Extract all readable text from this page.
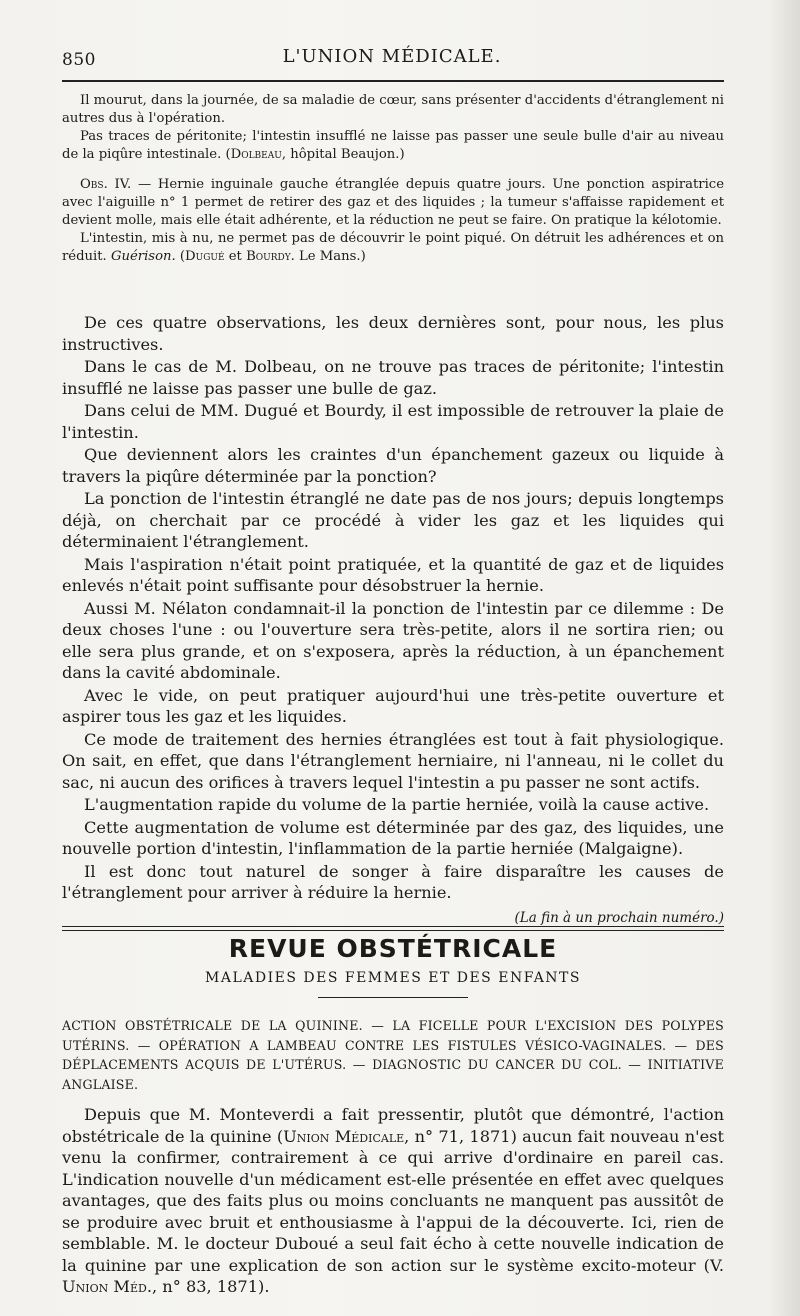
850	L'UNION MÉDICALE.

Il mourut, dans la journée, de sa maladie de cœur, sans présenter d'accidents d'étranglement ni autres dus à l'opération.

Pas traces de péritonite; l'intestin insufflé ne laisse pas passer une seule bulle d'air au niveau de la piqûre intestinale. (Dolbeau, hôpital Beaujon.)

Obs. IV. — Hernie inguinale gauche étranglée depuis quatre jours. Une ponction aspiratrice avec l'aiguille n° 1 permet de retirer des gaz et des liquides ; la tumeur s'affaisse rapidement et devient molle, mais elle était adhérente, et la réduction ne peut se faire. On pratique la kélotomie.

L'intestin, mis à nu, ne permet pas de découvrir le point piqué. On détruit les adhérences et on réduit. Guérison. (Dugué et Bourdy. Le Mans.)

De ces quatre observations, les deux dernières sont, pour nous, les plus instructives.

Dans le cas de M. Dolbeau, on ne trouve pas traces de péritonite; l'intestin insufflé ne laisse pas passer une bulle de gaz.

Dans celui de MM. Dugué et Bourdy, il est impossible de retrouver la plaie de l'intestin.

Que deviennent alors les craintes d'un épanchement gazeux ou liquide à travers la piqûre déterminée par la ponction?

La ponction de l'intestin étranglé ne date pas de nos jours; depuis longtemps déjà, on cherchait par ce procédé à vider les gaz et les liquides qui déterminaient l'étranglement.

Mais l'aspiration n'était point pratiquée, et la quantité de gaz et de liquides enlevés n'était point suffisante pour désobstruer la hernie.

Aussi M. Nélaton condamnait-il la ponction de l'intestin par ce dilemme : De deux choses l'une : ou l'ouverture sera très-petite, alors il ne sortira rien; ou elle sera plus grande, et on s'exposera, après la réduction, à un épanchement dans la cavité abdominale.

Avec le vide, on peut pratiquer aujourd'hui une très-petite ouverture et aspirer tous les gaz et les liquides.

Ce mode de traitement des hernies étranglées est tout à fait physiologique. On sait, en effet, que dans l'étranglement herniaire, ni l'anneau, ni le collet du sac, ni aucun des orifices à travers lequel l'intestin a pu passer ne sont actifs.

L'augmentation rapide du volume de la partie herniée, voilà la cause active.

Cette augmentation de volume est déterminée par des gaz, des liquides, une nouvelle portion d'intestin, l'inflammation de la partie herniée (Malgaigne).

Il est donc tout naturel de songer à faire disparaître les causes de l'étranglement pour arriver à réduire la hernie.

(La fin à un prochain numéro.)
REVUE OBSTÉTRICALE
MALADIES DES FEMMES ET DES ENFANTS
ACTION OBSTÉTRICALE DE LA QUININE. — LA FICELLE POUR L'EXCISION DES POLYPES UTÉRINS. — OPÉRATION A LAMBEAU CONTRE LES FISTULES VÉSICO-VAGINALES. — DES DÉPLACEMENTS ACQUIS DE L'UTÉRUS. — DIAGNOSTIC DU CANCER DU COL. — INITIATIVE ANGLAISE.

Depuis que M. Monteverdi a fait pressentir, plutôt que démontré, l'action obstétricale de la quinine (Union Médicale, n° 71, 1871) aucun fait nouveau n'est venu la confirmer, contrairement à ce qui arrive d'ordinaire en pareil cas. L'indication nouvelle d'un médicament est-elle présentée en effet avec quelques avantages, que des faits plus ou moins concluants ne manquent pas aussitôt de se produire avec bruit et enthousiasme à l'appui de la découverte. Ici, rien de semblable. M. le docteur Duboué a seul fait écho à cette nouvelle indication de la quinine par une explication de son action sur le système excito-moteur (V. Union Méd., n° 83, 1871).
